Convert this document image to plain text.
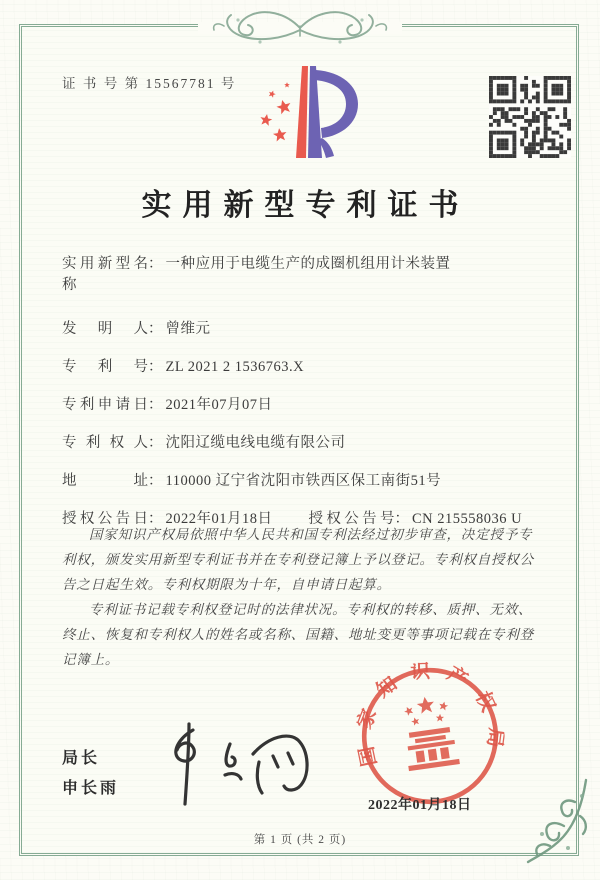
证 书 号 第 15567781 号
实用新型专利证书
实用新型名称
： 一种应用于电缆生产的成圈机组用计米装置
发明人 ： 曾维元
专利号 ： ZL 2021 2 1536763.X
专利申请日 ： 2021年07月07日
专利权人 ： 沈阳辽缆电线电缆有限公司
地址 ： 110000 辽宁省沈阳市铁西区保工南街51号
授权公告日 ： 2022年01月18日 授权公告号 ： CN 215558036 U

国家知识产权局依照中华人民共和国专利法经过初步审查，决定授予专利权，颁发实用新型专利证书并在专利登记簿上予以登记。专利权自授权公告之日起生效。专利权期限为十年，自申请日起算。

专利证书记载专利权登记时的法律状况。专利权的转移、质押、无效、终止、恢复和专利权人的姓名或名称、国籍、地址变更等事项记载在专利登记簿上。

局长
申长雨
国家知识产权局
2022年01月18日
第 1 页 (共 2 页)
